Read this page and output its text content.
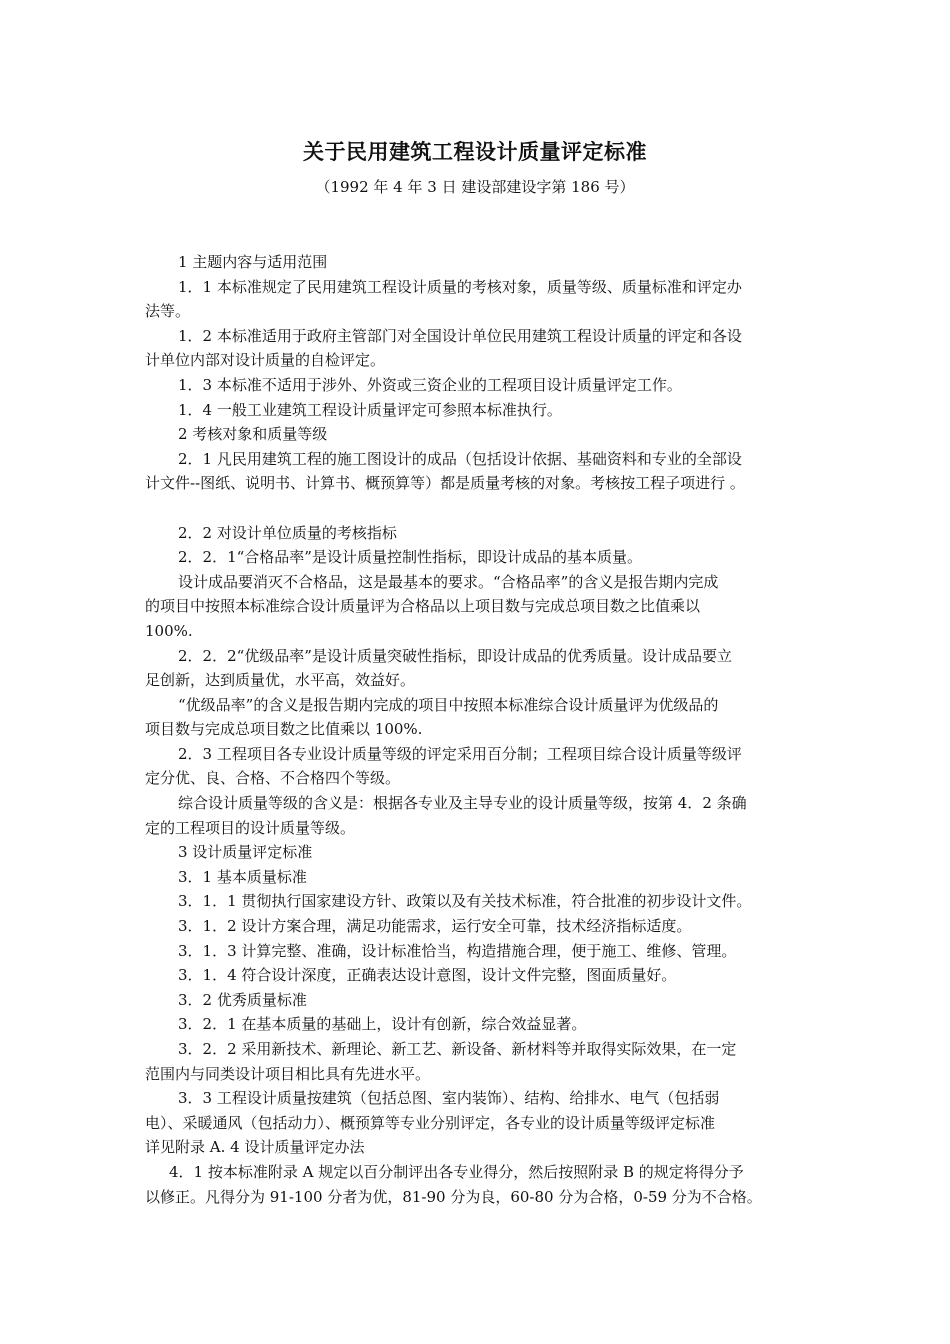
关于民用建筑工程设计质量评定标准
（1992 年 4 年 3 日 建设部建设字第 186 号）
1 主题内容与适用范围
1．1 本标准规定了民用建筑工程设计质量的考核对象，质量等级、质量标准和评定办
法等。
1．2 本标准适用于政府主管部门对全国设计单位民用建筑工程设计质量的评定和各设
计单位内部对设计质量的自检评定。
1．3 本标准不适用于涉外、外资或三资企业的工程项目设计质量评定工作。
1．4 一般工业建筑工程设计质量评定可参照本标准执行。
2 考核对象和质量等级
2．1 凡民用建筑工程的施工图设计的成品（包括设计依据、基础资料和专业的全部设
计文件--图纸、说明书、计算书、概预算等）都是质量考核的对象。考核按工程子项进行 。
2．2 对设计单位质量的考核指标
2．2．1“合格品率”是设计质量控制性指标，即设计成品的基本质量。
设计成品要消灭不合格品，这是最基本的要求。“合格品率”的含义是报告期内完成
的项目中按照本标准综合设计质量评为合格品以上项目数与完成总项目数之比值乘以
100%.
2．2．2“优级品率”是设计质量突破性指标，即设计成品的优秀质量。设计成品要立
足创新，达到质量优，水平高，效益好。
“优级品率”的含义是报告期内完成的项目中按照本标准综合设计质量评为优级品的
项目数与完成总项目数之比值乘以 100%.
2．3 工程项目各专业设计质量等级的评定采用百分制；工程项目综合设计质量等级评
定分优、良、合格、不合格四个等级。
综合设计质量等级的含义是：根据各专业及主导专业的设计质量等级，按第 4．2 条确
定的工程项目的设计质量等级。
3 设计质量评定标准
3．1 基本质量标准
3．1．1 贯彻执行国家建设方针、政策以及有关技术标准，符合批准的初步设计文件。
3．1．2 设计方案合理，满足功能需求，运行安全可靠，技术经济指标适度。
3．1．3 计算完整、准确，设计标准恰当，构造措施合理，便于施工、维修、管理。
3．1．4 符合设计深度，正确表达设计意图，设计文件完整，图面质量好。
3．2 优秀质量标准
3．2．1 在基本质量的基础上，设计有创新，综合效益显著。
3．2．2 采用新技术、新理论、新工艺、新设备、新材料等并取得实际效果，在一定
范围内与同类设计项目相比具有先进水平。
3．3 工程设计质量按建筑（包括总图、室内装饰）、结构、给排水、电气（包括弱
电）、采暖通风（包括动力）、概预算等专业分别评定，各专业的设计质量等级评定标准
详见附录 A. 4 设计质量评定办法
4．1 按本标准附录 A 规定以百分制评出各专业得分，然后按照附录 B 的规定将得分予
以修正。凡得分为 91-100 分者为优，81-90 分为良，60-80 分为合格，0-59 分为不合格。
